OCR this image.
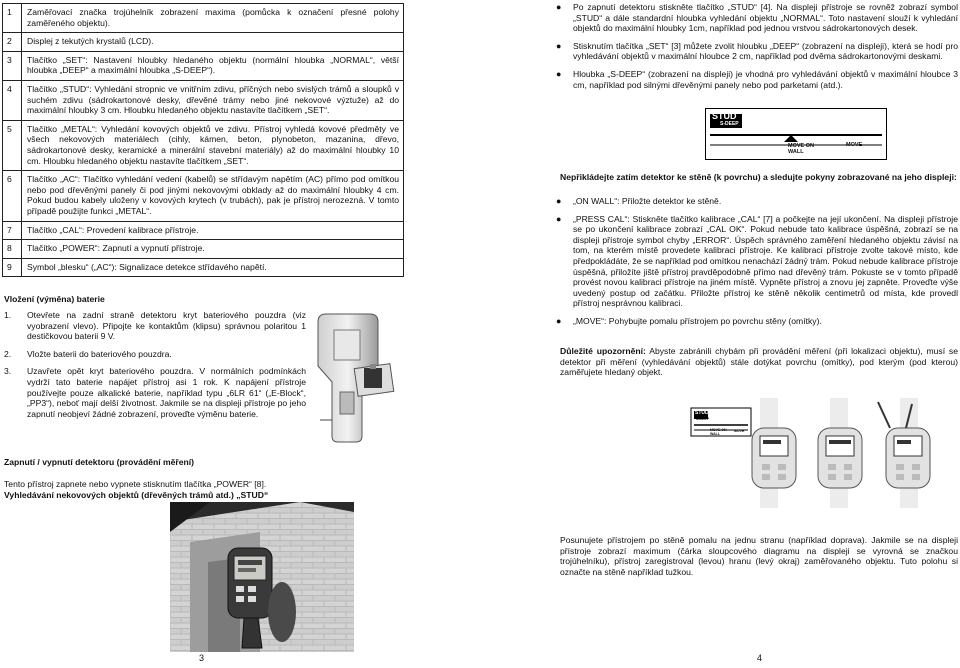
1	Zaměřovací značka trojúhelník zobrazení maxima (pomůcka k označení přesné polohy zaměřeného objektu).
2	Displej z tekutých krystalů (LCD).
3	Tlačítko „SET“: Nastavení hloubky hledaného objektu (normální hloubka „NORMAL“, větší hloubka „DEEP“ a maximální hloubka „S-DEEP“).
4	Tlačítko „STUD“: Vyhledání stropnic ve vnitřním zdivu, příčných nebo svislých trámů a sloupků v suchém zdivu (sádrokartonové desky, dřevěné trámy nebo jiné nekovové výztuže) až do maximální hloubky 3 cm. Hloubku hledaného objektu nastavíte tlačítkem „SET“.
5	Tlačítko „METAL“: Vyhledání kovových objektů ve zdivu. Přístroj vyhledá kovové předměty ve všech nekovových materiálech (cihly, kámen, beton, plynobeton, mazanina, dřevo, sádrokartonové desky, keramické a minerální stavební materiály) až do maximální hloubky 10 cm. Hloubku hledaného objektu nastavíte tlačítkem „SET“.
6	Tlačítko „AC“: Tlačítko vyhledání vedení (kabelů) se střídavým napětím (AC) přímo pod omítkou nebo pod dřevěnými panely či pod jinými nekovovými obklady až do maximální hloubky 4 cm. Pokud budou kabely uloženy v kovových krytech (v trubách), pak je přístroj nerozezná. V tomto případě použijte funkci „METAL“.
7	Tlačítko „CAL“: Provedení kalibrace přístroje.
8	Tlačítko „POWER“: Zapnutí a vypnutí přístroje.
9	Symbol „blesku“ („AC“): Signalizace detekce střídavého napětí.
Vložení (výměna) baterie
1. Otevřete na zadní straně detektoru kryt bateriového pouzdra (viz vyobrazení vlevo). Připojte ke kontaktům (klipsu) správnou polaritou 1 destičkovou baterii 9 V.
2. Vložte baterii do bateriového pouzdra.
3. Uzavřete opět kryt bateriového pouzdra. V normálních podmínkách vydrží tato baterie napájet přístroj asi 1 rok. K napájení přístroje používejte pouze alkalické baterie, například typu „6LR 61“ („E-Block“, „PP3“), neboť mají delší životnost. Jakmile se na displeji přístroje po jeho zapnutí neobjeví žádné zobrazení, proveďte výměnu baterie.
Zapnutí / vypnutí detektoru (provádění měření)
Tento přístroj zapnete nebo vypnete stisknutím tlačítka „POWER“ [8].
Vyhledávání nekovových objektů (dřevěných trámů atd.) „STUD“
3
● Po zapnutí detektoru stiskněte tlačítko „STUD“ [4]. Na displeji přístroje se rovněž zobrazí symbol „STUD“ a dále standardní hloubka vyhledání objektu „NORMAL“. Toto nastavení slouží k vyhledání objektů do maximální hloubky 1cm, například pod jednou vrstvou sádrokartonových desek.
● Stisknutím tlačítka „SET“ [3] můžete zvolit hloubku „DEEP“ (zobrazení na displeji), která se hodí pro vyhledávání objektů v maximální hloubce 2 cm, například pod dvěma sádrokartonovými deskami.
● Hloubka „S-DEEP“ (zobrazení na displeji) je vhodná pro vyhledávání objektů v maximální hloubce 3 cm, například pod silnými dřevěnými panely nebo pod parketami (atd.).
STUD
S-DEEP
MOVE ON WALL
MOVE
Nepřikládejte zatím detektor ke stěně (k povrchu) a sledujte pokyny zobrazované na jeho displeji:
● „ON WALL“: Přiložte detektor ke stěně.
● „PRESS CAL“: Stiskněte tlačítko kalibrace „CAL“ [7] a počkejte na její ukončení. Na displeji přístroje se po ukončení kalibrace zobrazí „CAL OK“. Pokud nebude tato kalibrace úspěšná, zobrazí se na displeji přístroje symbol chyby „ERROR“. Úspěch správného zaměření hledaného objektu závisí na tom, na kterém místě provedete kalibraci přístroje. Ke kalibraci přístroje zvolte takové místo, kde předpokládáte, že se například pod omítkou nenachází žádný trám. Pokud nebude kalibrace přístroje úspěšná, přiložíte jiště přístroj pravděpodobně přímo nad dřevěný trám. Pokuste se v tomto případě provést novou kalibraci přístroje na jiném místě. Vypněte přístroj a znovu jej zapněte. Proveďte výše uvedený postup od začátku. Přiložte přístroj ke stěně několik centimetrů od místa, kde provedl přístroj nesprávnou kalibraci.
● „MOVE“: Pohybujte pomalu přístrojem po povrchu stěny (omítky).
Důležité upozornění: Abyste zabránili chybám při provádění měření (při lokalizaci objektu), musí se detektor při měření (vyhledávání objektů) stále dotýkat povrchu (omítky), pod kterým (pod kterou) zaměřujete hledaný objekt.
STUD
S-DEEP
MOVE ON WALL
MOVE
Posunujete přístrojem po stěně pomalu na jednu stranu (například doprava). Jakmile se na displeji přístroje zobrazí maximum (čárka sloupcového diagramu na displeji se vyrovná se značkou trojúhelníku), přístroj zaregistroval (levou) hranu (levý okraj) zaměřovaného objektu. Tuto polohu si označte na stěně například tužkou.
4
